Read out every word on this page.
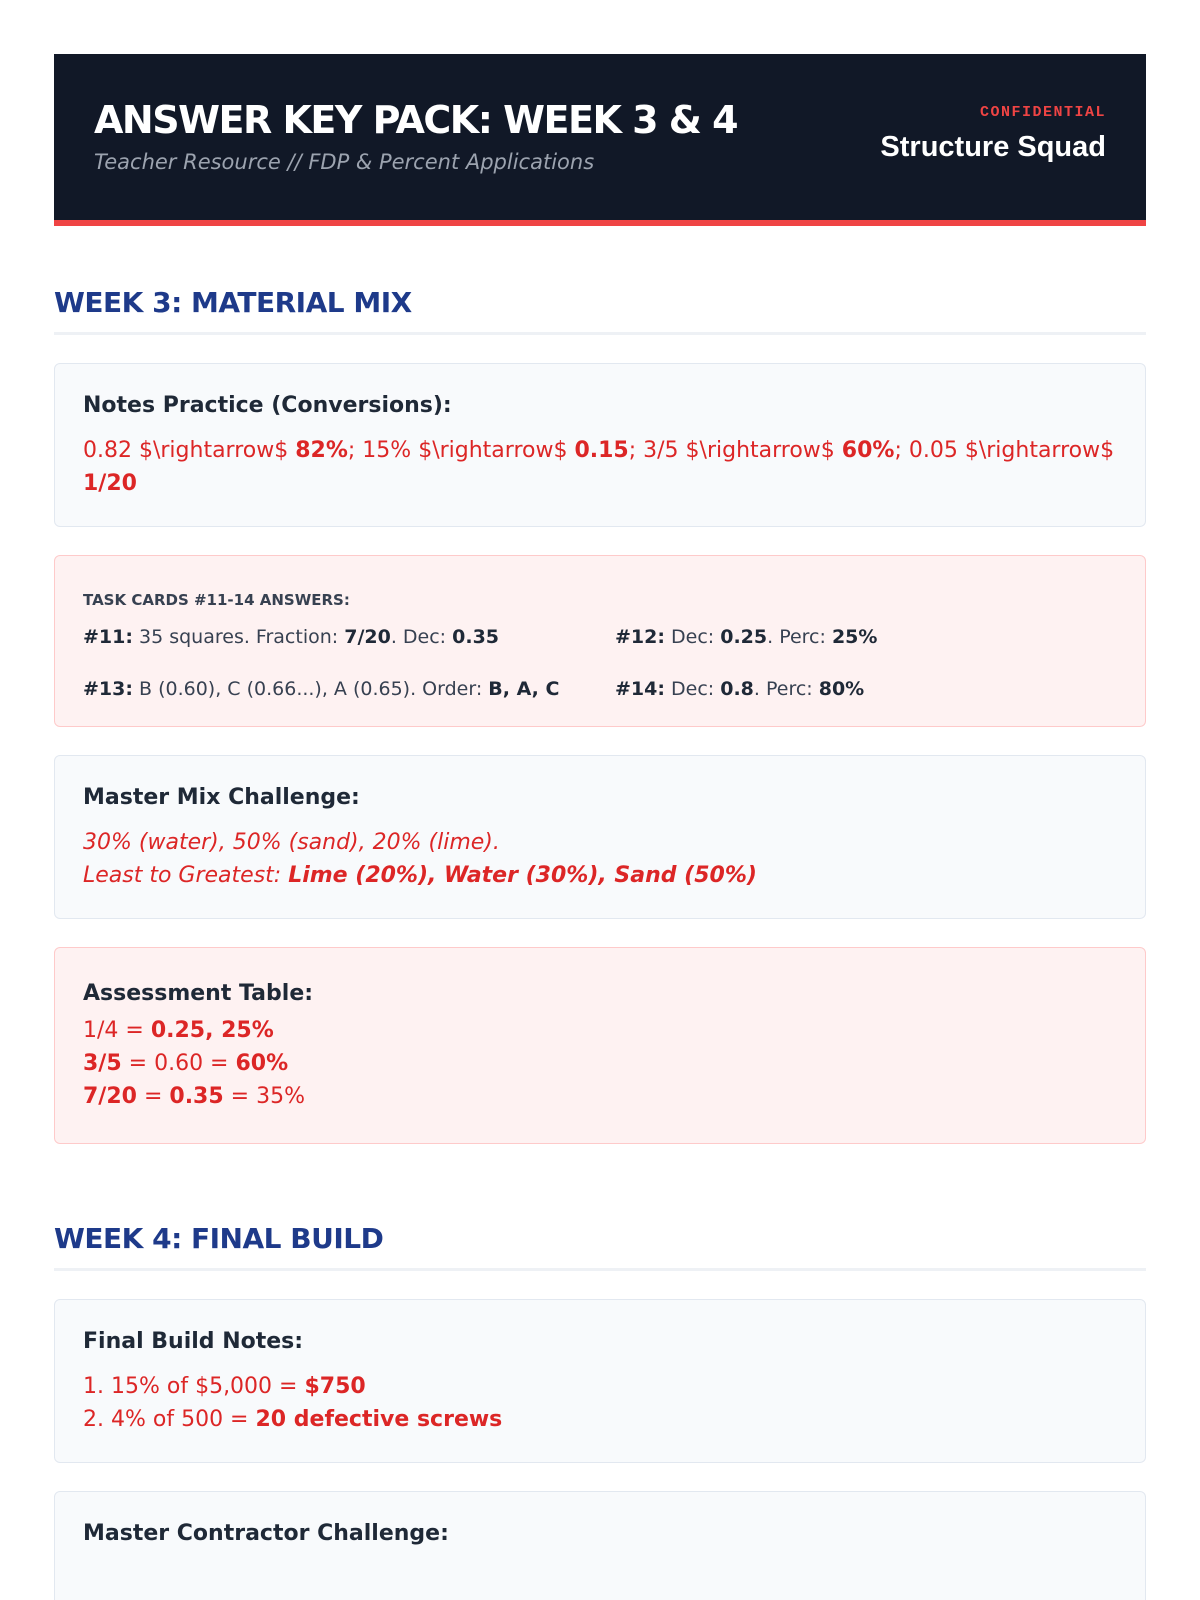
ANSWER KEY PACK: WEEK 3 & 4
Teacher Resource // FDP & Percent Applications
CONFIDENTIAL
Structure Squad
WEEK 3: MATERIAL MIX
Notes Practice (Conversions):
0.82 $\rightarrow$ 82%; 15% $\rightarrow$ 0.15; 3/5 $\rightarrow$ 60%; 0.05 $\rightarrow$ 1/20
TASK CARDS #11-14 ANSWERS:
#11: 35 squares. Fraction: 7/20. Dec: 0.35	#12: Dec: 0.25. Perc: 25%
#13: B (0.60), C (0.66...), A (0.65). Order: B, A, C	#14: Dec: 0.8. Perc: 80%
Master Mix Challenge:
30% (water), 50% (sand), 20% (lime).
Least to Greatest: Lime (20%), Water (30%), Sand (50%)
Assessment Table:
1/4 = 0.25, 25%
3/5 = 0.60 = 60%
7/20 = 0.35 = 35%
WEEK 4: FINAL BUILD
Final Build Notes:
1. 15% of $5,000 = $750
2. 4% of 500 = 20 defective screws
Master Contractor Challenge:
